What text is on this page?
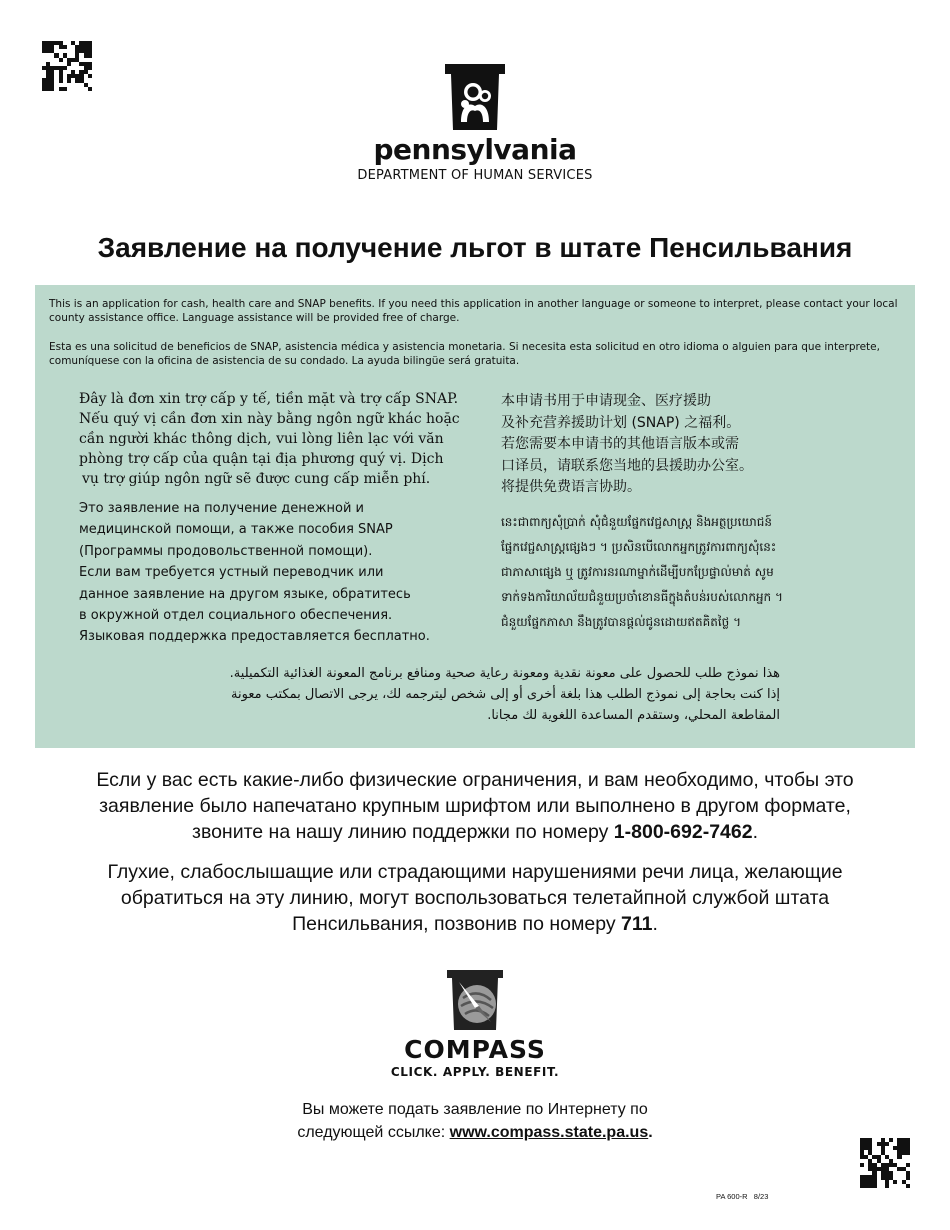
pennsylvania
DEPARTMENT OF HUMAN SERVICES
Заявление на получение льгот в штате Пенсильвания
This is an application for cash, health care and SNAP benefits. If you need this application in another language or someone to interpret, please contact your local county assistance office. Language assistance will be provided free of charge.
Esta es una solicitud de beneficios de SNAP, asistencia médica y asistencia monetaria. Si necesita esta solicitud en otro idioma o alguien para que interprete, comuníquese con la oficina de asistencia de su condado. La ayuda bilingüe será gratuita.
Đây là đơn xin trợ cấp y tế, tiền mặt và trợ cấp SNAP.
Nếu quý vị cần đơn xin này bằng ngôn ngữ khác hoặc
cần người khác thông dịch, vui lòng liên lạc với văn
phòng trợ cấp của quận tại địa phương quý vị. Dịch
vụ trợ giúp ngôn ngữ sẽ được cung cấp miễn phí.
Это заявление на получение денежной и
медицинской помощи, а также пособия SNAP
(Программы продовольственной помощи).
Если вам требуется устный переводчик или
данное заявление на другом языке, обратитесь
в окружной отдел социального обеспечения.
Языковая поддержка предоставляется бесплатно.
本申请书用于申请现金、医疗援助
及补充营养援助计划 (SNAP) 之福利。
若您需要本申请书的其他语言版本或需
口译员，请联系您当地的县援助办公室。
将提供免费语言协助。
នេះជាពាក្យសុំប្រាក់ សុំជំនួយផ្នែកវេជ្ជសាស្ត្រ និងអត្ថប្រយោជន៍
ផ្នែកវេជ្ជសាស្ត្រផ្សេងៗ ។ ប្រសិនបើលោកអ្នកត្រូវការពាក្យសុំនេះ
ជាភាសាផ្សេង ឬ ត្រូវការនរណាម្នាក់ដើម្បីបកប្រែផ្ទាល់មាត់ សូម
ទាក់ទងការិយាល័យជំនួយប្រចាំខោនធីក្នុងតំបន់របស់លោកអ្នក ។
ជំនួយផ្នែកភាសា នឹងត្រូវបានផ្តល់ជូនដោយឥតគិតថ្លៃ ។
هذا نموذج طلب للحصول على معونة نقدية ومعونة رعاية صحية ومنافع برنامج المعونة الغذائية التكميلية.
إذا كنت بحاجة إلى نموذج الطلب هذا بلغة أخرى أو إلى شخص ليترجمه لك، يرجى الاتصال بمكتب معونة
المقاطعة المحلي، وستقدم المساعدة اللغوية لك مجانا.
Если у вас есть какие-либо физические ограничения, и вам необходимо, чтобы это
заявление было напечатано крупным шрифтом или выполнено в другом формате,
звоните на нашу линию поддержки по номеру 1-800-692-7462.
Глухие, слабослышащие или страдающими нарушениями речи лица, желающие
обратиться на эту линию, могут воспользоваться телетайпной службой штата
Пенсильвания, позвонив по номеру 711.
COMPASS
CLICK. APPLY. BENEFIT.
Вы можете подать заявление по Интернету по
следующей ссылке: www.compass.state.pa.us.
PA 600-R   8/23
